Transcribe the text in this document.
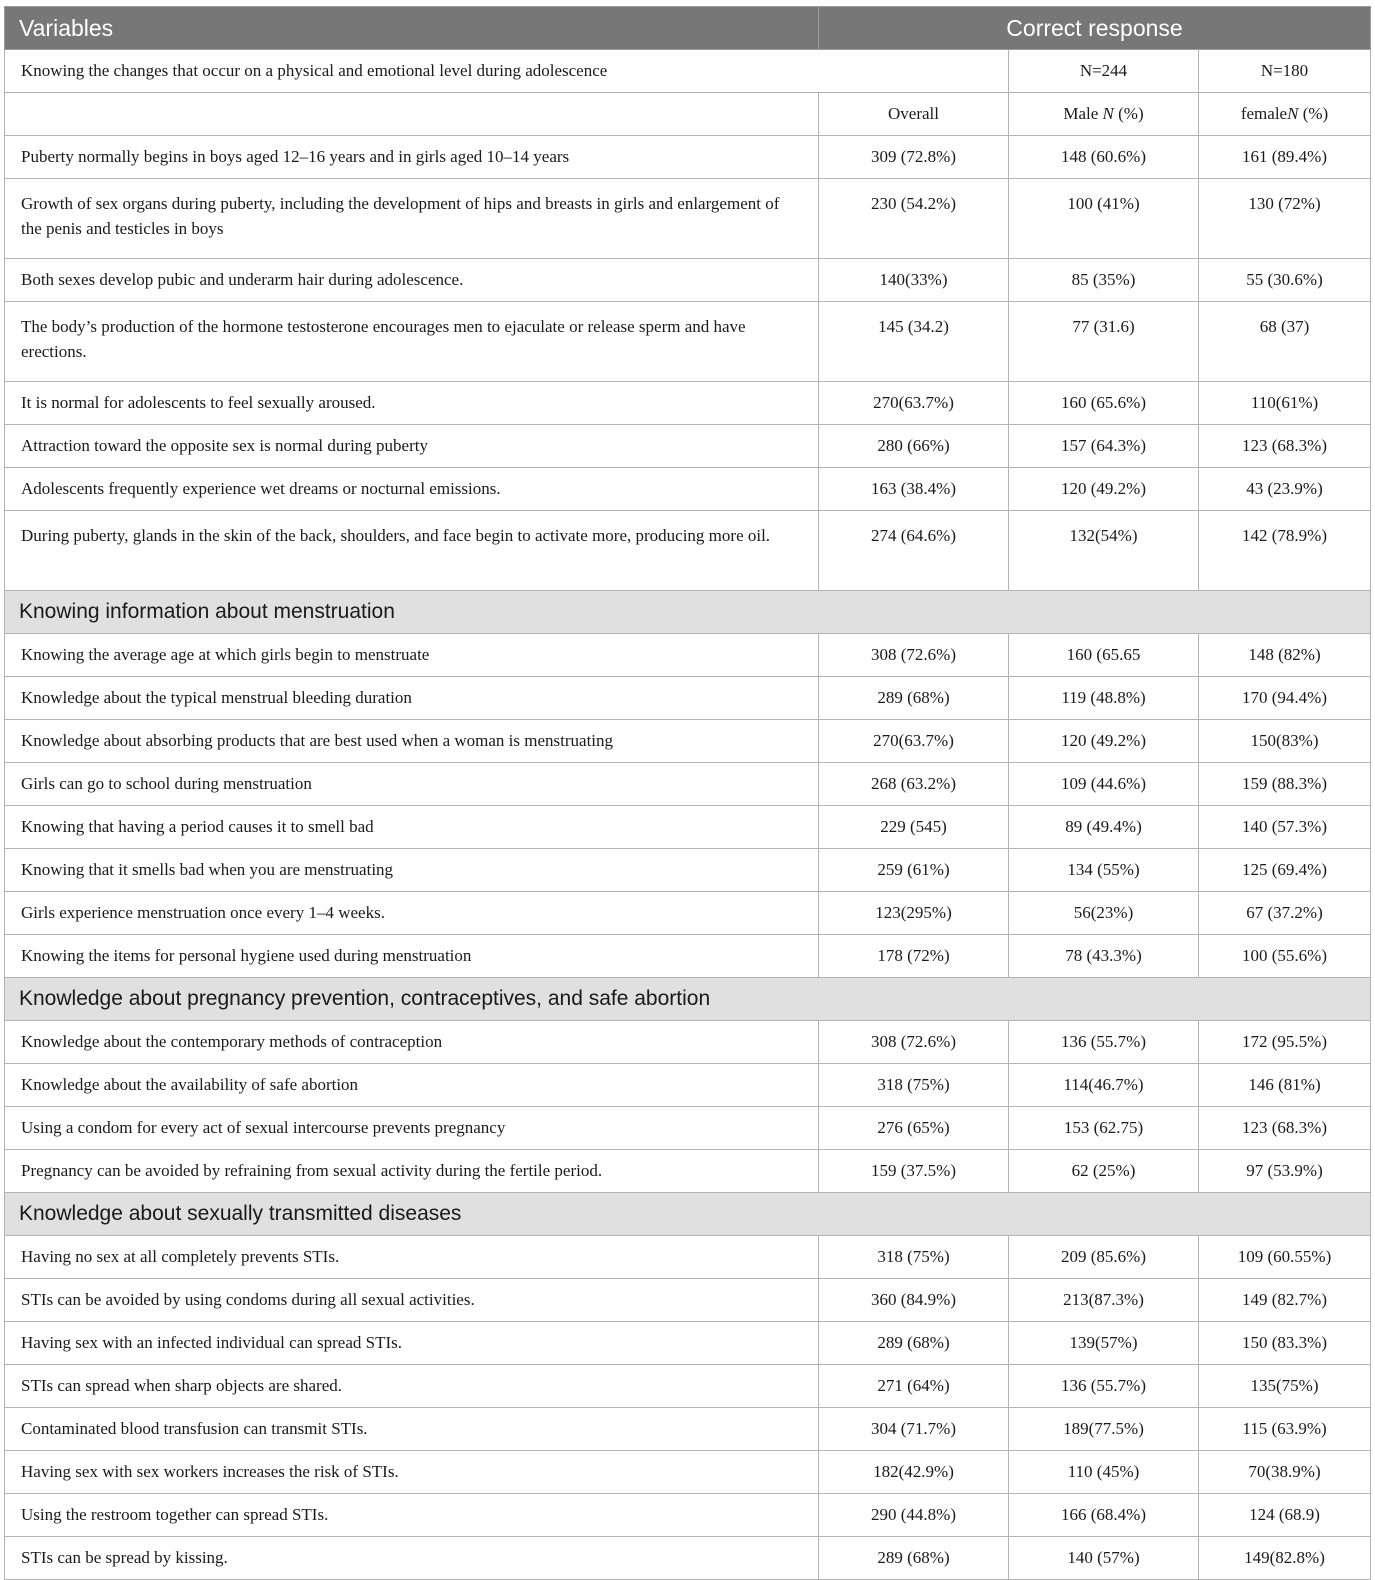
Variables	Correct response		
Knowing the changes that occur on a physical and emotional level during adolescence		N=244	N=180
	Overall	Male N (%)	femaleN (%)
Puberty normally begins in boys aged 12–16 years and in girls aged 10–14 years	309 (72.8%)	148 (60.6%)	161 (89.4%)
Growth of sex organs during puberty, including the development of hips and breasts in girls and enlargement of the penis and testicles in boys	230 (54.2%)	100 (41%)	130 (72%)
Both sexes develop pubic and underarm hair during adolescence.	140(33%)	85 (35%)	55 (30.6%)
The body’s production of the hormone testosterone encourages men to ejaculate or release sperm and have erections.	145 (34.2)	77 (31.6)	68 (37)
It is normal for adolescents to feel sexually aroused.	270(63.7%)	160 (65.6%)	110(61%)
Attraction toward the opposite sex is normal during puberty	280 (66%)	157 (64.3%)	123 (68.3%)
Adolescents frequently experience wet dreams or nocturnal emissions.	163 (38.4%)	120 (49.2%)	43 (23.9%)
During puberty, glands in the skin of the back, shoulders, and face begin to activate more, producing more oil.	274 (64.6%)	132(54%)	142 (78.9%)
Knowing information about menstruation			
Knowing the average age at which girls begin to menstruate	308 (72.6%)	160 (65.65	148 (82%)
Knowledge about the typical menstrual bleeding duration	289 (68%)	119 (48.8%)	170 (94.4%)
Knowledge about absorbing products that are best used when a woman is menstruating	270(63.7%)	120 (49.2%)	150(83%)
Girls can go to school during menstruation	268 (63.2%)	109 (44.6%)	159 (88.3%)
Knowing that having a period causes it to smell bad	229 (545)	89 (49.4%)	140 (57.3%)
Knowing that it smells bad when you are menstruating	259 (61%)	134 (55%)	125 (69.4%)
Girls experience menstruation once every 1–4 weeks.	123(295%)	56(23%)	67 (37.2%)
Knowing the items for personal hygiene used during menstruation	178 (72%)	78 (43.3%)	100 (55.6%)
Knowledge about pregnancy prevention, contraceptives, and safe abortion			
Knowledge about the contemporary methods of contraception	308 (72.6%)	136 (55.7%)	172 (95.5%)
Knowledge about the availability of safe abortion	318 (75%)	114(46.7%)	146 (81%)
Using a condom for every act of sexual intercourse prevents pregnancy	276 (65%)	153 (62.75)	123 (68.3%)
Pregnancy can be avoided by refraining from sexual activity during the fertile period.	159 (37.5%)	62 (25%)	97 (53.9%)
Knowledge about sexually transmitted diseases			
Having no sex at all completely prevents STIs.	318 (75%)	209 (85.6%)	109 (60.55%)
STIs can be avoided by using condoms during all sexual activities.	360 (84.9%)	213(87.3%)	149 (82.7%)
Having sex with an infected individual can spread STIs.	289 (68%)	139(57%)	150 (83.3%)
STIs can spread when sharp objects are shared.	271 (64%)	136 (55.7%)	135(75%)
Contaminated blood transfusion can transmit STIs.	304 (71.7%)	189(77.5%)	115 (63.9%)
Having sex with sex workers increases the risk of STIs.	182(42.9%)	110 (45%)	70(38.9%)
Using the restroom together can spread STIs.	290 (44.8%)	166 (68.4%)	124 (68.9)
STIs can be spread by kissing.	289 (68%)	140 (57%)	149(82.8%)
